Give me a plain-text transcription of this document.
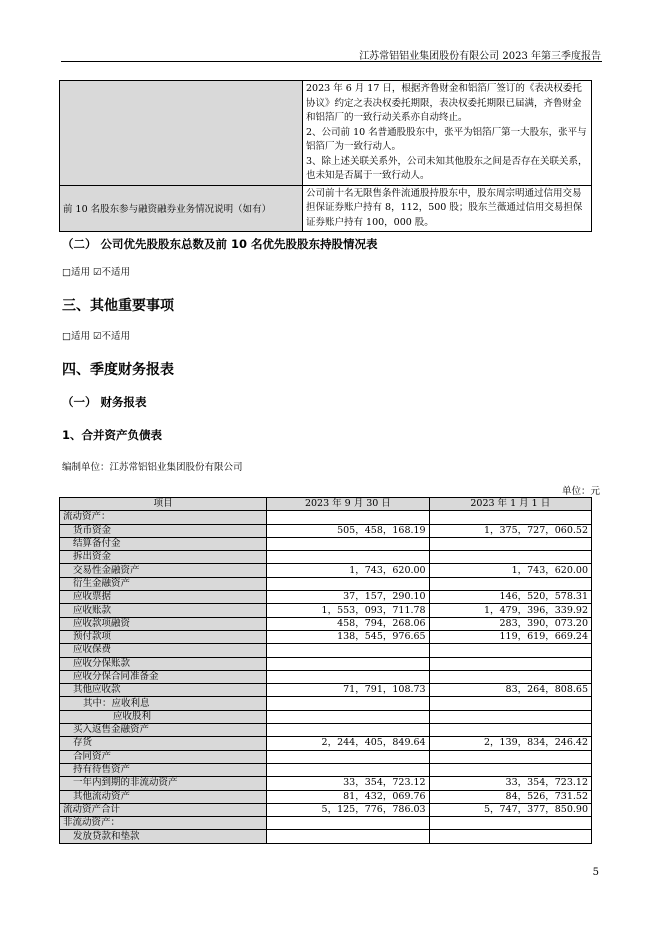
江苏常铝铝业集团股份有限公司 2023 年第三季度报告

	2023 年 6 月 17 日，根据齐鲁财金和铝箔厂签订的《表决权委托协议》约定之表决权委托期限，表决权委托期限已届满，齐鲁财金和铝箔厂的一致行动关系亦自动终止。
2、公司前 10 名普通股股东中，张平为铝箔厂第一大股东，张平与铝箔厂为一致行动人。
3、除上述关联关系外，公司未知其他股东之间是否存在关联关系，也未知是否属于一致行动人。

前 10 名股东参与融资融券业务情况说明（如有）	公司前十名无限售条件流通股持股东中，股东周宗明通过信用交易担保证券账户持有 8，112，500 股；股东兰薇通过信用交易担保证券账户持有 100，000 股。
（二） 公司优先股股东总数及前 10 名优先股股东持股情况表
□适用 ☑不适用
三、其他重要事项
□适用 ☑不适用
四、季度财务报表
（一） 财务报表
1、合并资产负债表
编制单位：江苏常铝铝业集团股份有限公司
单位：元
项目	2023 年 9 月 30 日	2023 年 1 月 1 日
流动资产：		
货币资金	505，458，168.19	1，375，727，060.52
结算备付金		
拆出资金		
交易性金融资产	1，743，620.00	1，743，620.00
衍生金融资产		
应收票据	37，157，290.10	146，520，578.31
应收账款	1，553，093，711.78	1，479，396，339.92
应收款项融资	458，794，268.06	283，390，073.20
预付款项	138，545，976.65	119，619，669.24
应收保费		
应收分保账款		
应收分保合同准备金		
其他应收款	71，791，108.73	83，264，808.65
其中：应收利息		
应收股利		
买入返售金融资产		
存货	2，244，405，849.64	2，139，834，246.42
合同资产		
持有待售资产		
一年内到期的非流动资产	33，354，723.12	33，354，723.12
其他流动资产	81，432，069.76	84，526，731.52
流动资产合计	5，125，776，786.03	5，747，377，850.90
非流动资产：		
发放贷款和垫款		
5
